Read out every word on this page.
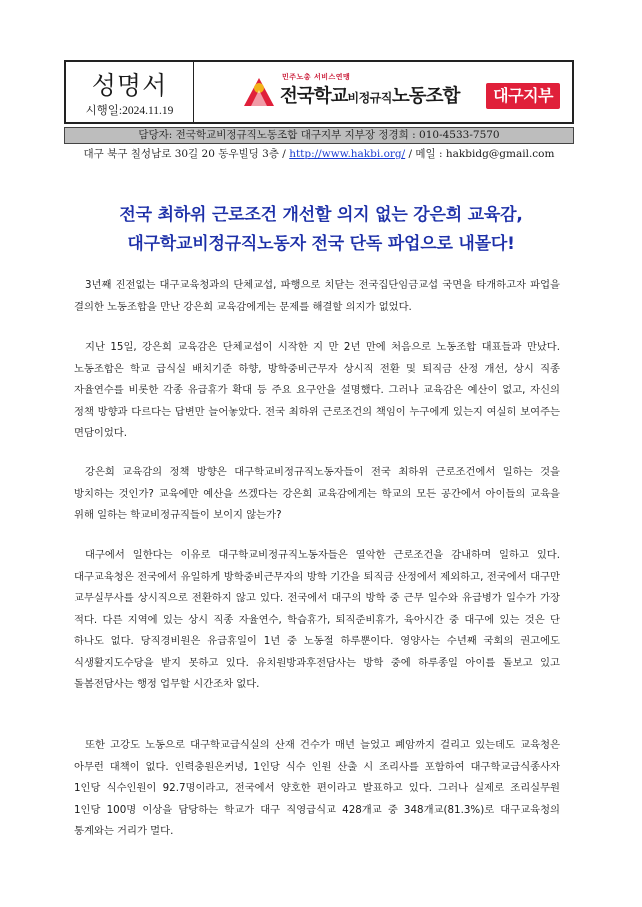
성명서
시행일:2024.11.19
민주노총 서비스연맹
전국학교비정규직노동조합	대구지부
담당자: 전국학교비정규직노동조합 대구지부 지부장 정경희 : 010-4533-7570
대구 북구 칠성남로 30길 20 동우빌딩 3층 / http://www.hakbi.org/ / 메일 : hakbidg@gmail.com
전국 최하위 근로조건 개선할 의지 없는 강은희 교육감,
대구학교비정규직노동자 전국 단독 파업으로 내몰다!

3년째 진전없는 대구교육청과의 단체교섭, 파행으로 치닫는 전국집단임금교섭 국면을 타개하고자 파업을 결의한 노동조합을 만난 강은희 교육감에게는 문제를 해결할 의지가 없었다.

지난 15일, 강은희 교육감은 단체교섭이 시작한 지 만 2년 만에 처음으로 노동조합 대표들과 만났다. 노동조합은 학교 급식실 배치기준 하향, 방학중비근무자 상시직 전환 및 퇴직금 산정 개선, 상시 직종 자율연수를 비롯한 각종 유급휴가 확대 등 주요 요구안을 설명했다. 그러나 교육감은 예산이 없고, 자신의 정책 방향과 다르다는 답변만 늘어놓았다. 전국 최하위 근로조건의 책임이 누구에게 있는지 여실히 보여주는 면담이었다.

강은희 교육감의 정책 방향은 대구학교비정규직노동자들이 전국 최하위 근로조건에서 일하는 것을 방치하는 것인가? 교육에만 예산을 쓰겠다는 강은희 교육감에게는 학교의 모든 공간에서 아이들의 교육을 위해 일하는 학교비정규직들이 보이지 않는가?

대구에서 일한다는 이유로 대구학교비정규직노동자들은 열악한 근로조건을 감내하며 일하고 있다. 대구교육청은 전국에서 유일하게 방학중비근무자의 방학 기간을 퇴직금 산정에서 제외하고, 전국에서 대구만 교무실무사를 상시직으로 전환하지 않고 있다. 전국에서 대구의 방학 중 근무 일수와 유급병가 일수가 가장 적다. 다른 지역에 있는 상시 직종 자율연수, 학습휴가, 퇴직준비휴가, 육아시간 중 대구에 있는 것은 단 하나도 없다. 당직경비원은 유급휴일이 1년 중 노동절 하루뿐이다. 영양사는 수년째 국회의 권고에도 식생활지도수당을 받지 못하고 있다. 유치원방과후전담사는 방학 중에 하루종일 아이를 돌보고 있고 돌봄전담사는 행정 업무할 시간조차 없다.

또한 고강도 노동으로 대구학교급식실의 산재 건수가 매년 늘었고 폐암까지 걸리고 있는데도 교육청은 아무런 대책이 없다. 인력충원은커녕, 1인당 식수 인원 산출 시 조리사를 포함하여 대구학교급식종사자 1인당 식수인원이 92.7명이라고, 전국에서 양호한 편이라고 발표하고 있다. 그러나 실제로 조리실무원 1인당 100명 이상을 담당하는 학교가 대구 직영급식교 428개교 중 348개교(81.3%)로 대구교육청의 통계와는 거리가 멀다.
